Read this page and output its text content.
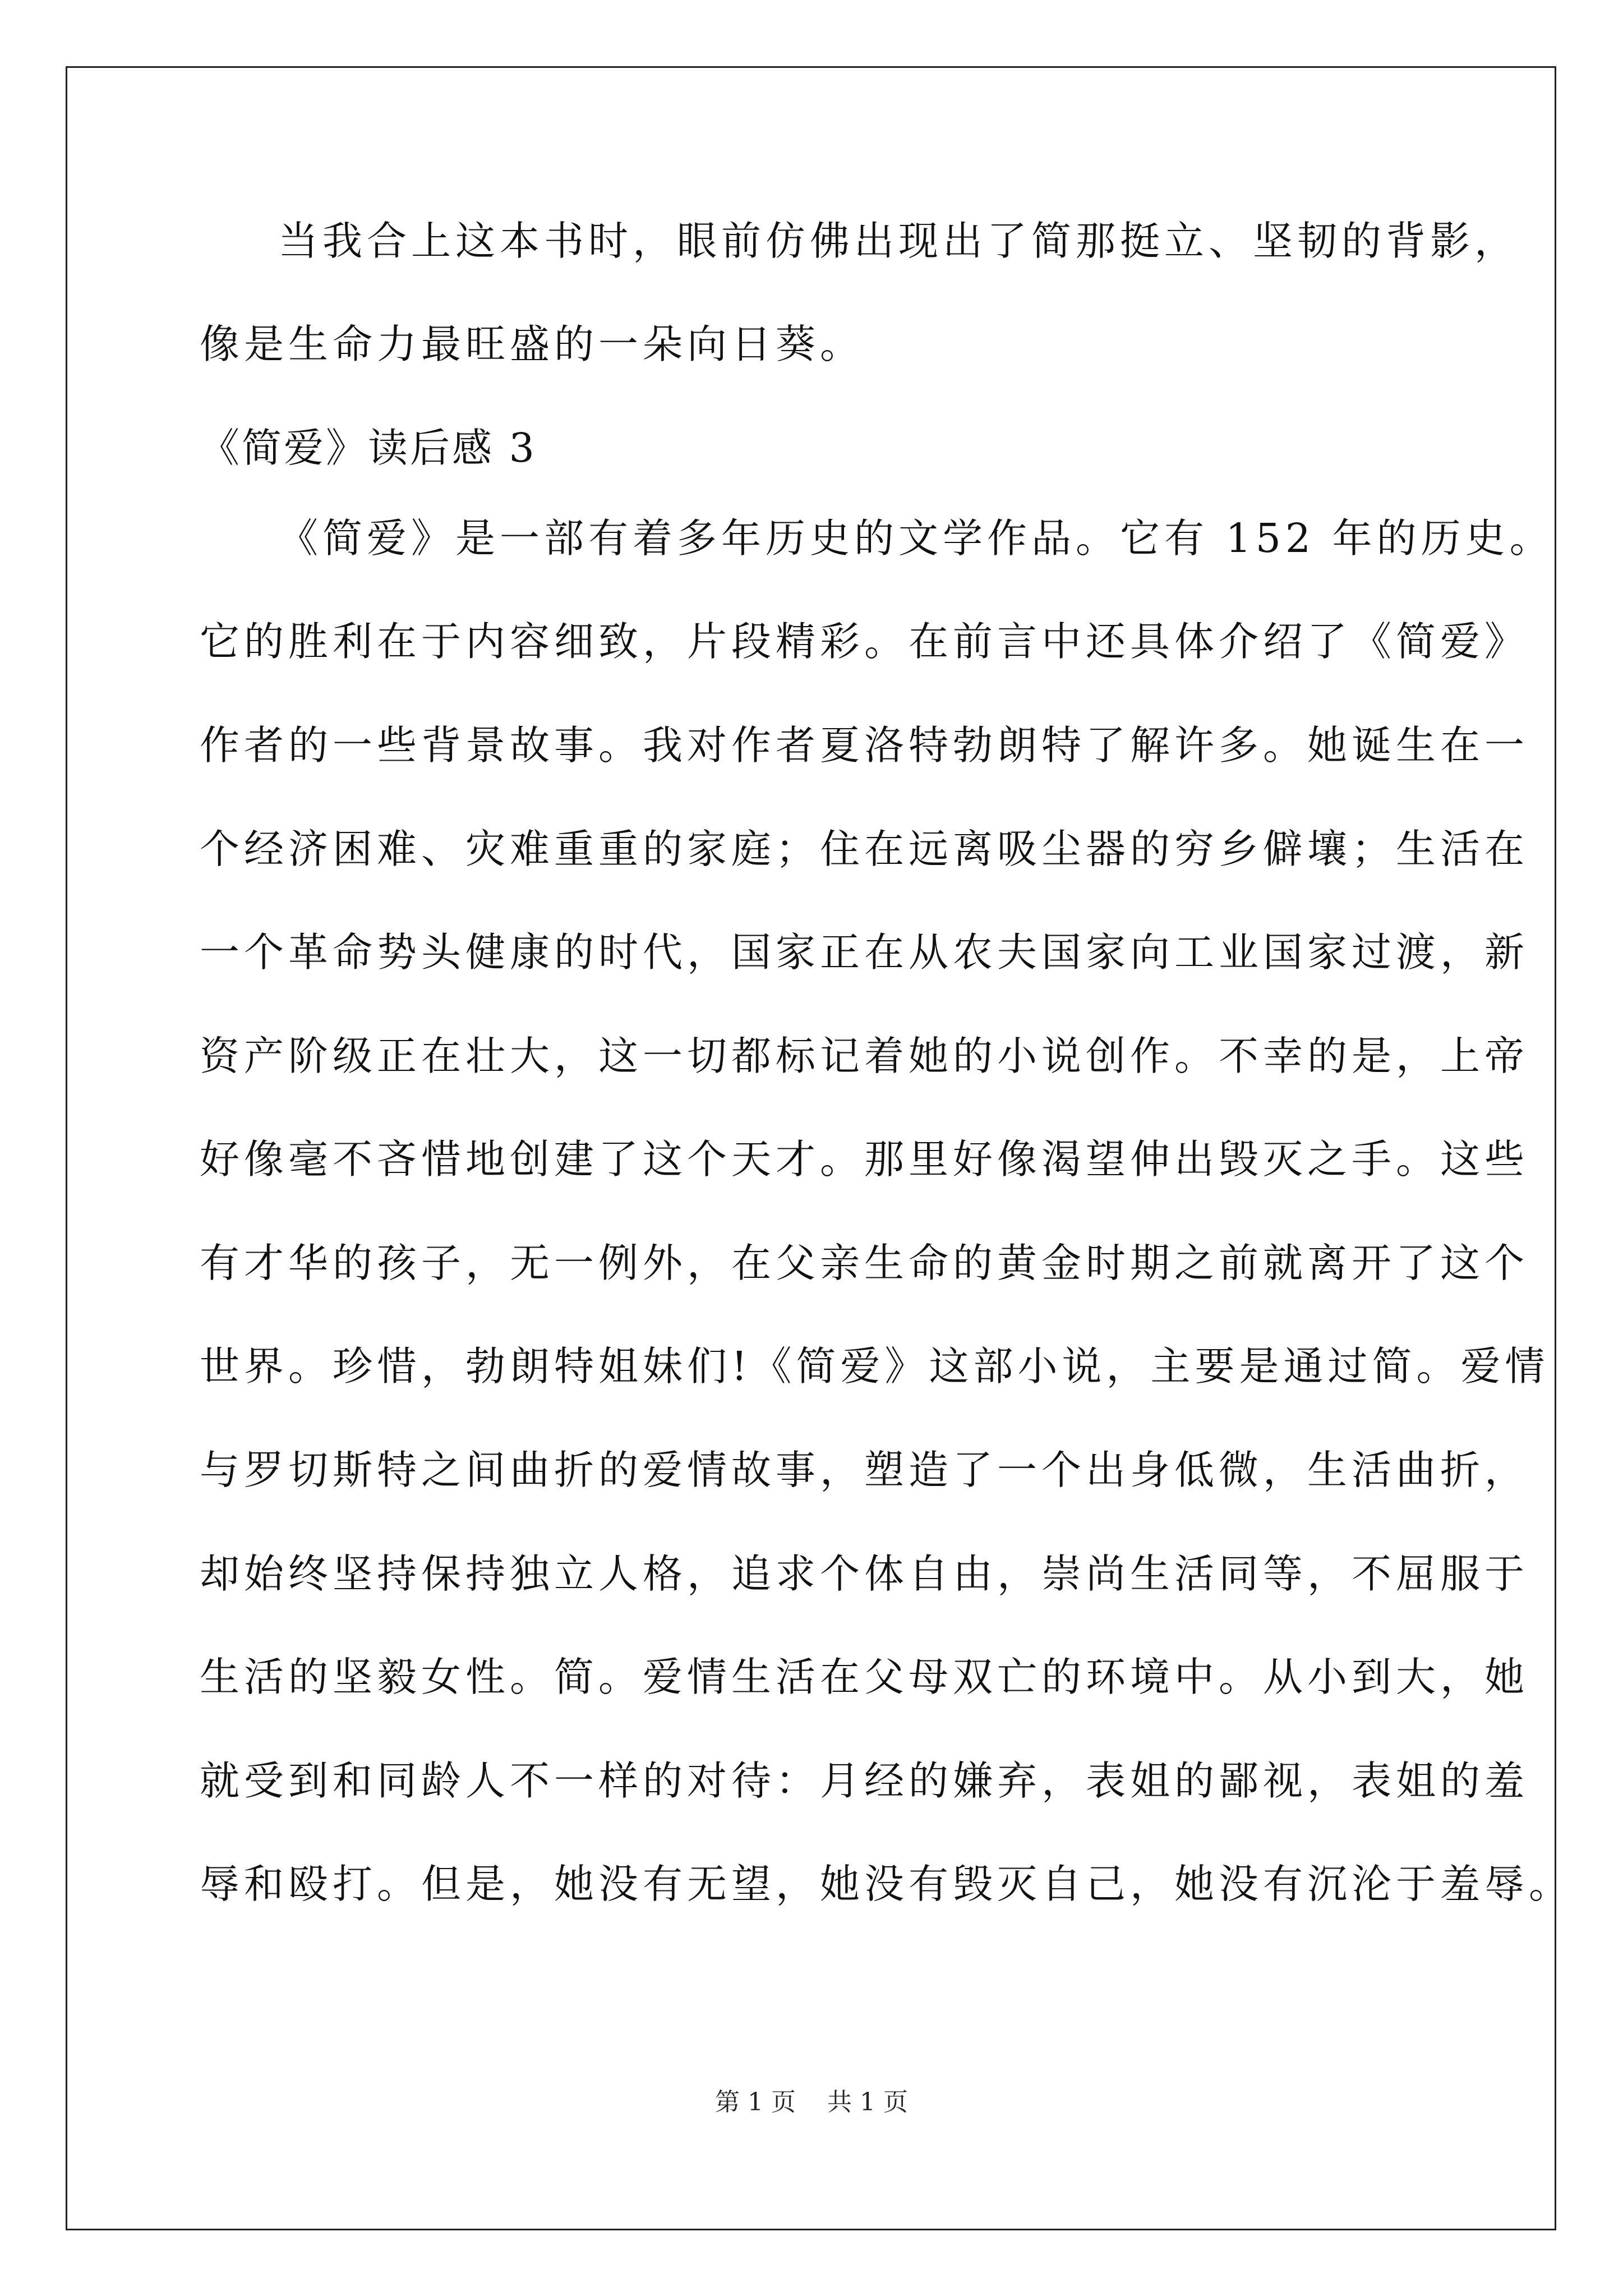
当我合上这本书时，眼前仿佛出现出了简那挺立、坚韧的背影，

像是生命力最旺盛的一朵向日葵。

《简爱》读后感 3

《简爱》是一部有着多年历史的文学作品。它有 152 年的历史。

它的胜利在于内容细致，片段精彩。在前言中还具体介绍了《简爱》

作者的一些背景故事。我对作者夏洛特勃朗特了解许多。她诞生在一

个经济困难、灾难重重的家庭；住在远离吸尘器的穷乡僻壤；生活在

一个革命势头健康的时代，国家正在从农夫国家向工业国家过渡，新

资产阶级正在壮大，这一切都标记着她的小说创作。不幸的是，上帝

好像毫不吝惜地创建了这个天才。那里好像渴望伸出毁灭之手。这些

有才华的孩子，无一例外，在父亲生命的黄金时期之前就离开了这个

世界。珍惜，勃朗特姐妹们!《简爱》这部小说，主要是通过简。爱情

与罗切斯特之间曲折的爱情故事，塑造了一个出身低微，生活曲折，

却始终坚持保持独立人格，追求个体自由，崇尚生活同等，不屈服于

生活的坚毅女性。简。爱情生活在父母双亡的环境中。从小到大，她

就受到和同龄人不一样的对待：月经的嫌弃，表姐的鄙视，表姐的羞

辱和殴打。但是，她没有无望，她没有毁灭自己，她没有沉沦于羞辱。

第 1 页 共 1 页
